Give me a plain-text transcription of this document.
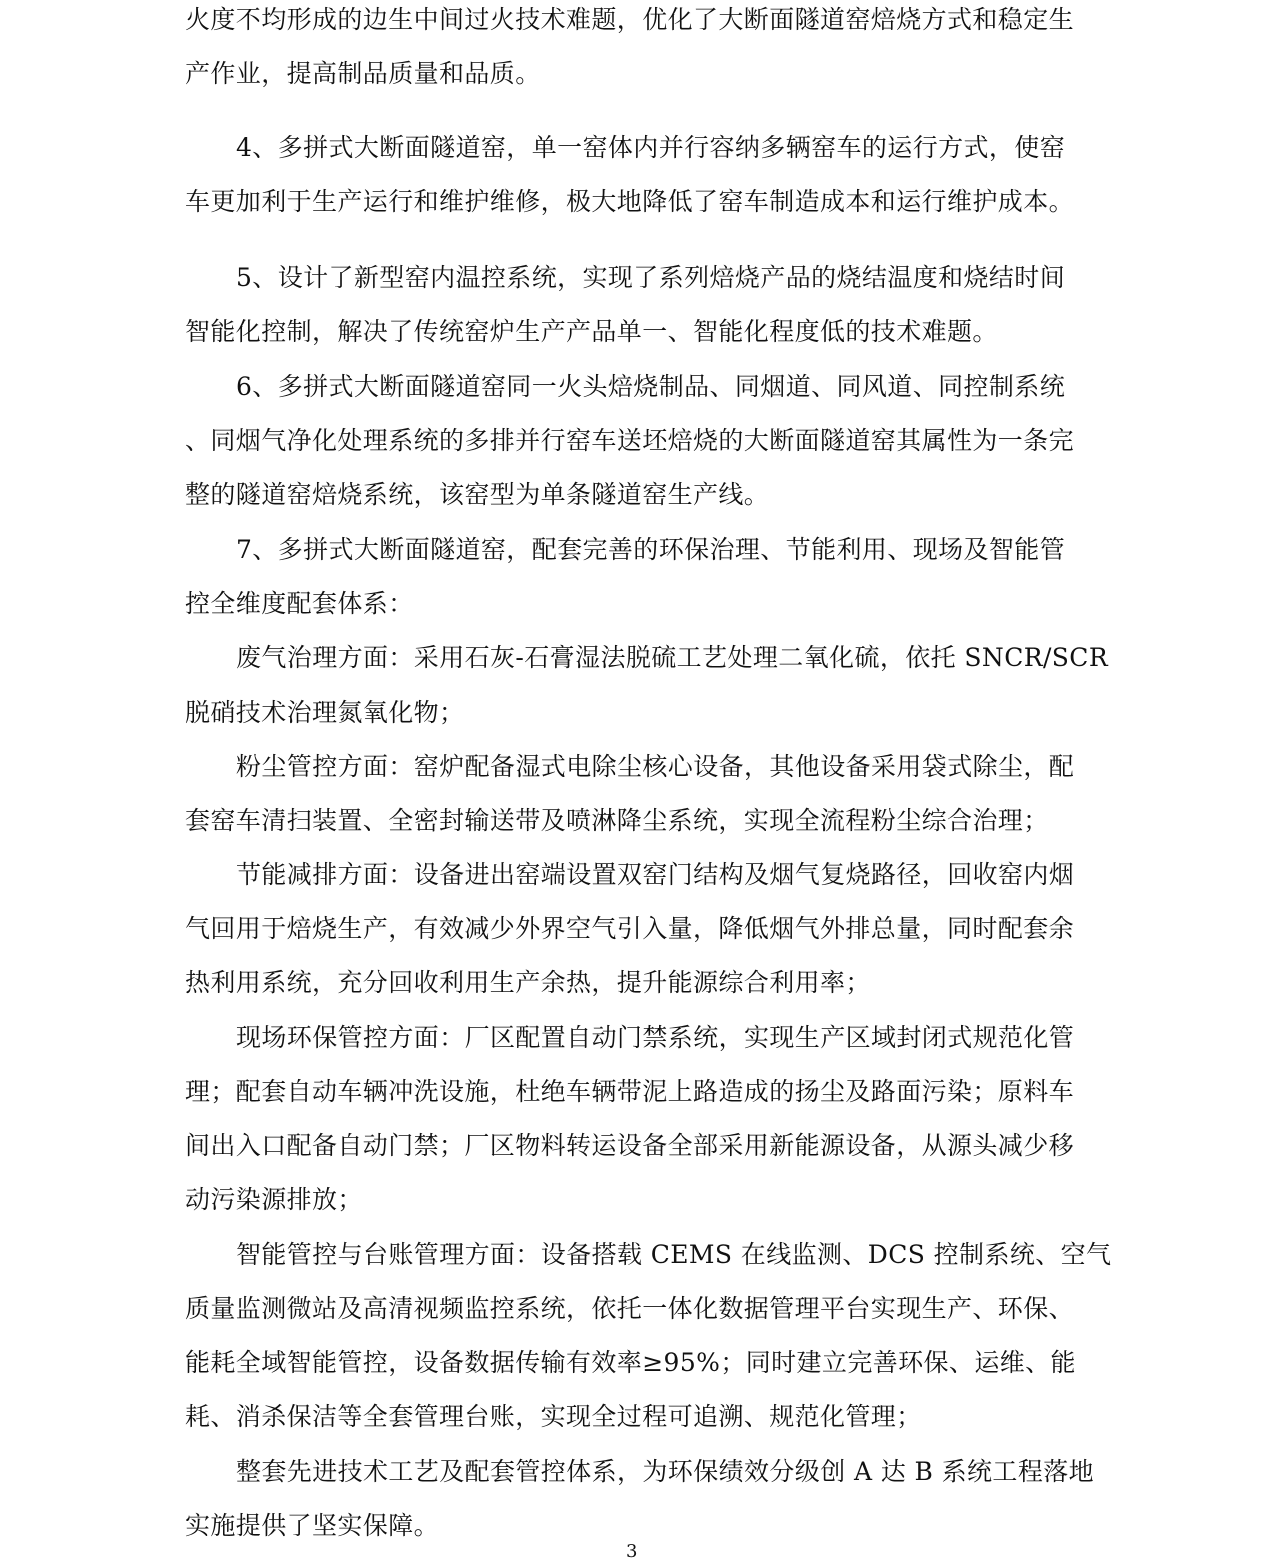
火度不均形成的边生中间过火技术难题，优化了大断面隧道窑焙烧方式和稳定生
产作业，提高制品质量和品质。
4、多拼式大断面隧道窑，单一窑体内并行容纳多辆窑车的运行方式，使窑
车更加利于生产运行和维护维修，极大地降低了窑车制造成本和运行维护成本。
5、设计了新型窑内温控系统，实现了系列焙烧产品的烧结温度和烧结时间
智能化控制，解决了传统窑炉生产产品单一、智能化程度低的技术难题。
6、多拼式大断面隧道窑同一火头焙烧制品、同烟道、同风道、同控制系统
、同烟气净化处理系统的多排并行窑车送坯焙烧的大断面隧道窑其属性为一条完
整的隧道窑焙烧系统，该窑型为单条隧道窑生产线。
7、多拼式大断面隧道窑，配套完善的环保治理、节能利用、现场及智能管
控全维度配套体系：
废气治理方面：采用石灰-石膏湿法脱硫工艺处理二氧化硫，依托 SNCR/SCR
脱硝技术治理氮氧化物；
粉尘管控方面：窑炉配备湿式电除尘核心设备，其他设备采用袋式除尘，配
套窑车清扫装置、全密封输送带及喷淋降尘系统，实现全流程粉尘综合治理；
节能减排方面：设备进出窑端设置双窑门结构及烟气复烧路径，回收窑内烟
气回用于焙烧生产，有效减少外界空气引入量，降低烟气外排总量，同时配套余
热利用系统，充分回收利用生产余热，提升能源综合利用率；
现场环保管控方面：厂区配置自动门禁系统，实现生产区域封闭式规范化管
理；配套自动车辆冲洗设施，杜绝车辆带泥上路造成的扬尘及路面污染；原料车
间出入口配备自动门禁；厂区物料转运设备全部采用新能源设备，从源头减少移
动污染源排放；
智能管控与台账管理方面：设备搭载 CEMS 在线监测、DCS 控制系统、空气
质量监测微站及高清视频监控系统，依托一体化数据管理平台实现生产、环保、
能耗全域智能管控，设备数据传输有效率≥95%；同时建立完善环保、运维、能
耗、消杀保洁等全套管理台账，实现全过程可追溯、规范化管理；
整套先进技术工艺及配套管控体系，为环保绩效分级创 A 达 B 系统工程落地
实施提供了坚实保障。
3
